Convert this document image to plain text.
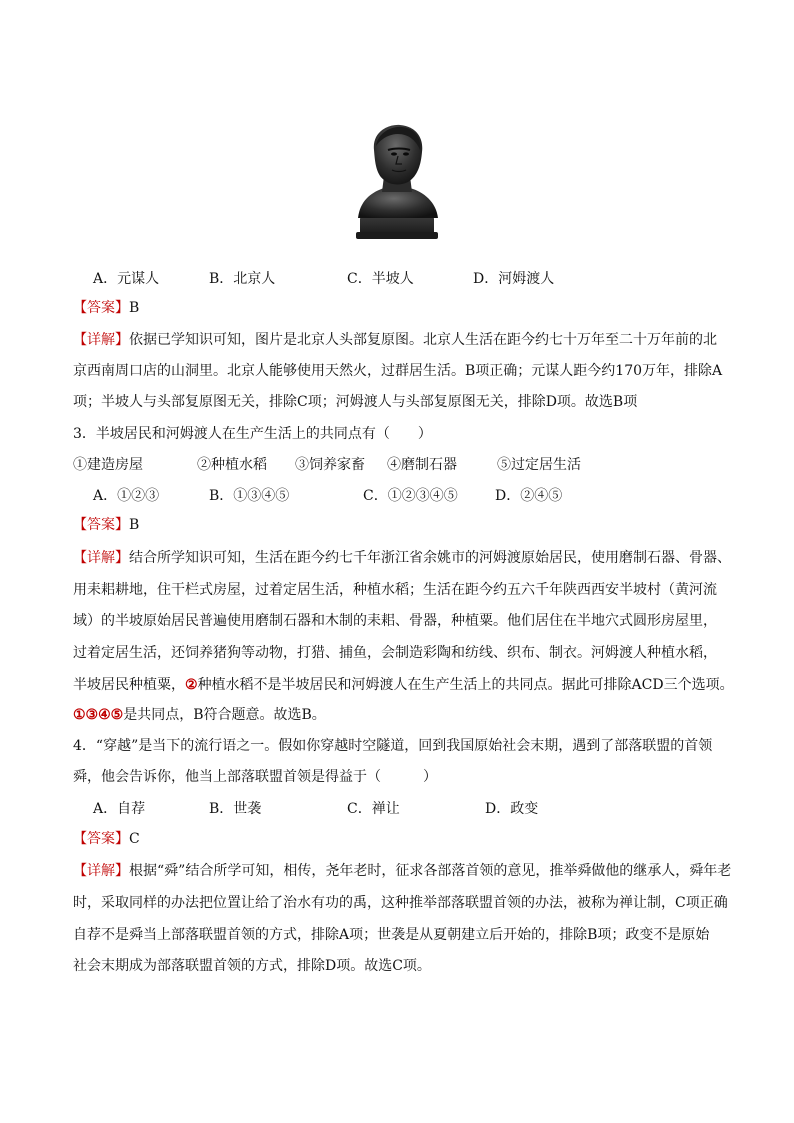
A．元谋人	B．北京人	C．半坡人	D．河姆渡人
【答案】B
【详解】依据已学知识可知，图片是北京人头部复原图。北京人生活在距今约七十万年至二十万年前的北
京西南周口店的山洞里。北京人能够使用天然火，过群居生活。B项正确；元谋人距今约170万年，排除A
项；半坡人与头部复原图无关，排除C项；河姆渡人与头部复原图无关，排除D项。故选B项
3．半坡居民和河姆渡人在生产生活上的共同点有（　　）
①建造房屋	②种植水稻 ③饲养家畜 ④磨制石器	⑤过定居生活
A．①②③	B．①③④⑤	C．①②③④⑤	D．②④⑤
【答案】B
【详解】结合所学知识可知，生活在距今约七千年浙江省余姚市的河姆渡原始居民，使用磨制石器、骨器、
用耒耜耕地，住干栏式房屋，过着定居生活，种植水稻；生活在距今约五六千年陕西西安半坡村（黄河流
域）的半坡原始居民普遍使用磨制石器和木制的耒耜、骨器，种植粟。他们居住在半地穴式圆形房屋里，
过着定居生活，还饲养猪狗等动物，打猎、捕鱼，会制造彩陶和纺线、织布、制衣。河姆渡人种植水稻，
半坡居民种植粟，②种植水稻不是半坡居民和河姆渡人在生产生活上的共同点。据此可排除ACD三个选项。
①③④⑤是共同点，B符合题意。故选B。
4．“穿越”是当下的流行语之一。假如你穿越时空隧道，回到我国原始社会末期，遇到了部落联盟的首领
舜，他会告诉你，他当上部落联盟首领是得益于（　　　）
A．自荐	B．世袭	C．禅让	D．政变
【答案】C
【详解】根据“舜”结合所学可知，相传，尧年老时，征求各部落首领的意见，推举舜做他的继承人，舜年老
时，采取同样的办法把位置让给了治水有功的禹，这种推举部落联盟首领的办法，被称为禅让制，C项正确
自荐不是舜当上部落联盟首领的方式，排除A项；世袭是从夏朝建立后开始的，排除B项；政变不是原始
社会末期成为部落联盟首领的方式，排除D项。故选C项。
